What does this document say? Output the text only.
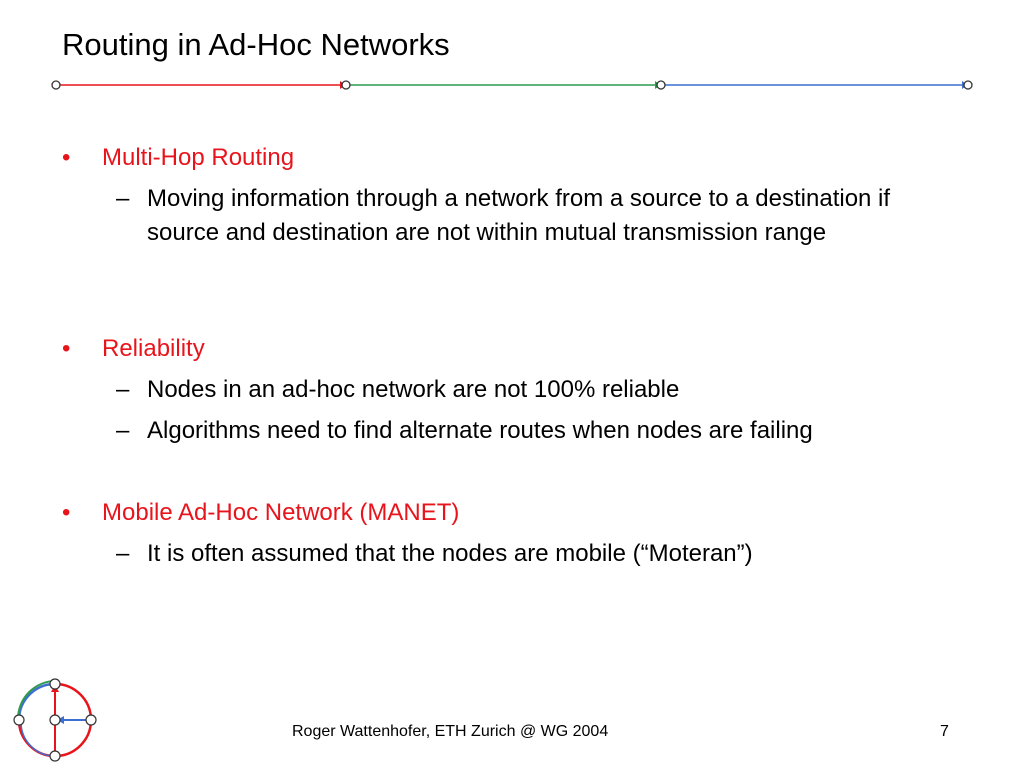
Routing in Ad-Hoc Networks
• Multi-Hop Routing
– Moving information through a network from a source to a destination if source and destination are not within mutual transmission range
• Reliability
– Nodes in an ad-hoc network are not 100% reliable
– Algorithms need to find alternate routes when nodes are failing
• Mobile Ad-Hoc Network (MANET)
– It is often assumed that the nodes are mobile (“Moteran”)
Roger Wattenhofer, ETH Zurich @ WG 2004	7
